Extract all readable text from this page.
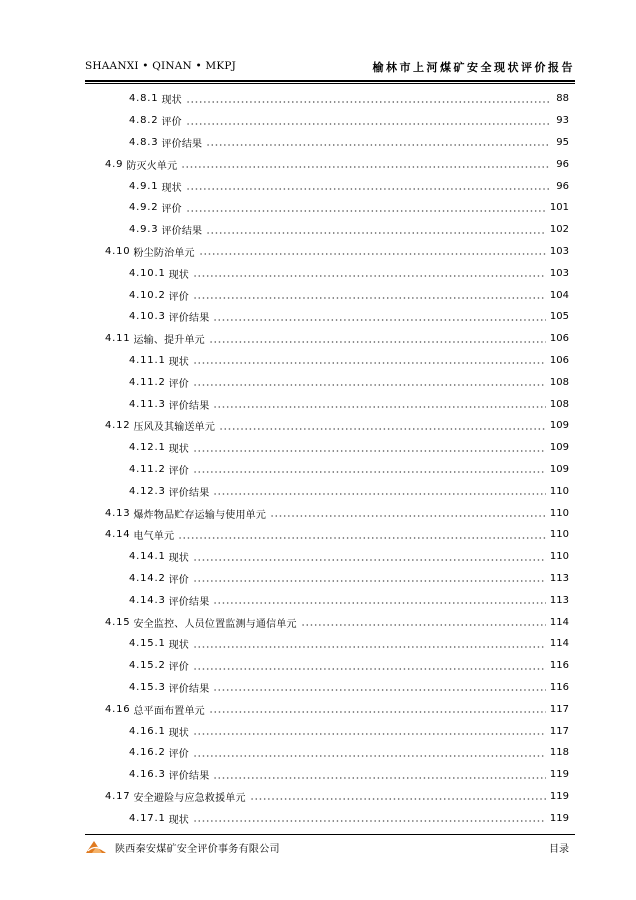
SHAANXI • QINAN • MKPJ	榆林市上河煤矿安全现状评价报告
4.8.1 现状	88
4.8.2 评价	93
4.8.3 评价结果	95
4.9 防灭火单元	96
4.9.1 现状	96
4.9.2 评价	101
4.9.3 评价结果	102
4.10 粉尘防治单元	103
4.10.1 现状	103
4.10.2 评价	104
4.10.3 评价结果	105
4.11 运输、提升单元	106
4.11.1 现状	106
4.11.2 评价	108
4.11.3 评价结果	108
4.12 压风及其输送单元	109
4.12.1 现状	109
4.11.2 评价	109
4.12.3 评价结果	110
4.13 爆炸物品贮存运输与使用单元	110
4.14 电气单元	110
4.14.1 现状	110
4.14.2 评价	113
4.14.3 评价结果	113
4.15 安全监控、人员位置监测与通信单元	114
4.15.1 现状	114
4.15.2 评价	116
4.15.3 评价结果	116
4.16 总平面布置单元	117
4.16.1 现状	117
4.16.2 评价	118
4.16.3 评价结果	119
4.17 安全避险与应急救援单元	119
4.17.1 现状	119
陕西秦安煤矿安全评价事务有限公司	目录
